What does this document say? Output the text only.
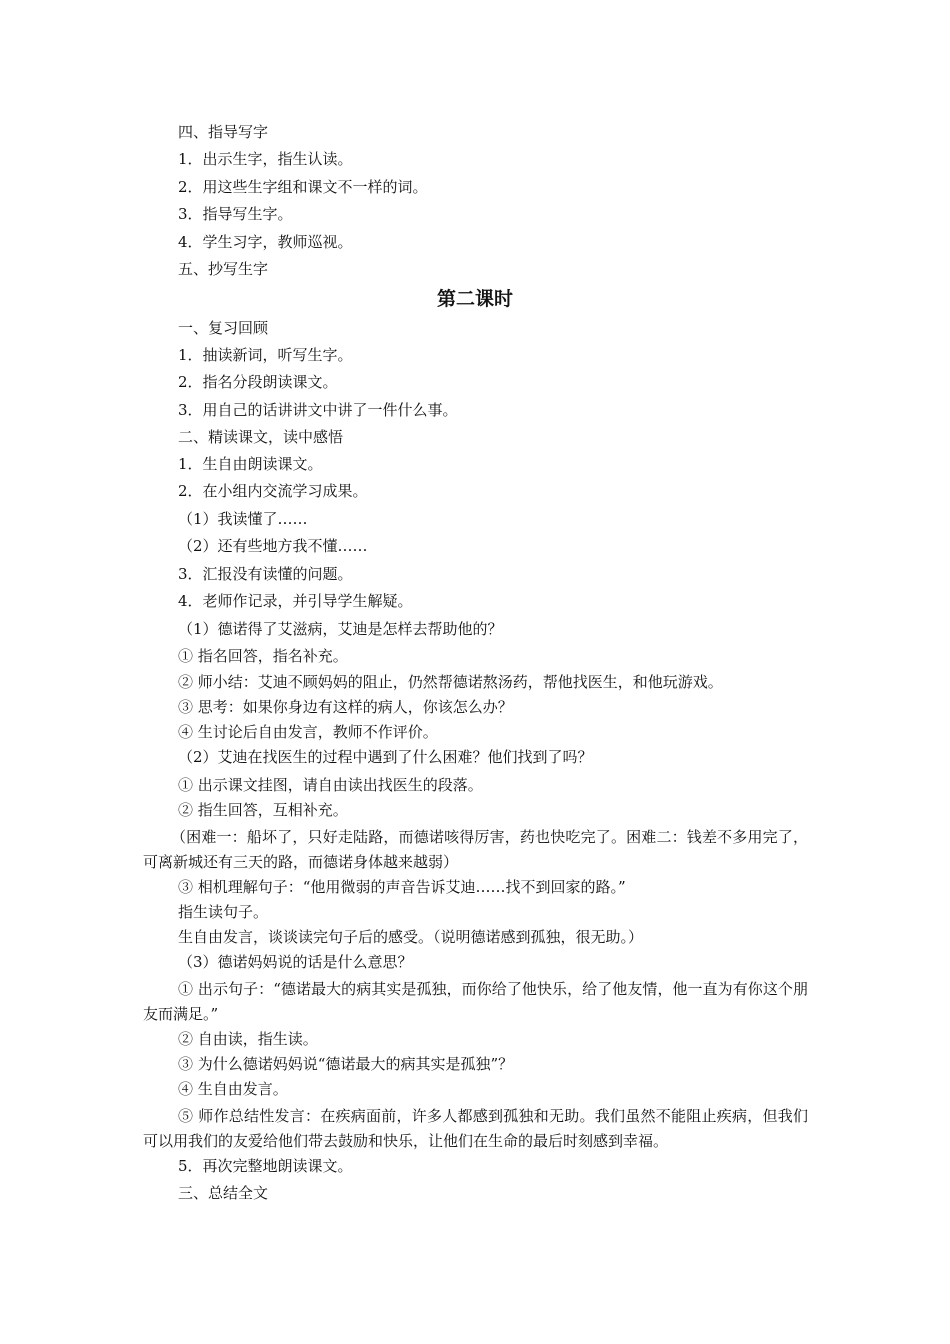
四、指导写字
1．出示生字，指生认读。
2．用这些生字组和课文不一样的词。
3．指导写生字。
4．学生习字，教师巡视。
五、抄写生字
第二课时
一、复习回顾
1．抽读新词，听写生字。
2．指名分段朗读课文。
3．用自己的话讲讲文中讲了一件什么事。
二、精读课文，读中感悟
1．生自由朗读课文。
2．在小组内交流学习成果。
（1）我读懂了……
（2）还有些地方我不懂……
3．汇报没有读懂的问题。
4．老师作记录，并引导学生解疑。
（1）德诺得了艾滋病，艾迪是怎样去帮助他的？
① 指名回答，指名补充。
② 师小结：艾迪不顾妈妈的阻止，仍然帮德诺熬汤药，帮他找医生，和他玩游戏。
③ 思考：如果你身边有这样的病人，你该怎么办？
④ 生讨论后自由发言，教师不作评价。
（2）艾迪在找医生的过程中遇到了什么困难？他们找到了吗？
① 出示课文挂图，请自由读出找医生的段落。
② 指生回答，互相补充。
（困难一：船坏了，只好走陆路，而德诺咳得厉害，药也快吃完了。困难二：钱差不多用完了，可离新城还有三天的路，而德诺身体越来越弱）
③ 相机理解句子：“他用微弱的声音告诉艾迪……找不到回家的路。”
指生读句子。
生自由发言，谈谈读完句子后的感受。（说明德诺感到孤独，很无助。）
（3）德诺妈妈说的话是什么意思？
① 出示句子：“德诺最大的病其实是孤独，而你给了他快乐，给了他友情，他一直为有你这个朋友而满足。”
② 自由读，指生读。
③ 为什么德诺妈妈说“德诺最大的病其实是孤独”？
④ 生自由发言。
⑤ 师作总结性发言：在疾病面前，许多人都感到孤独和无助。我们虽然不能阻止疾病，但我们可以用我们的友爱给他们带去鼓励和快乐，让他们在生命的最后时刻感到幸福。
5．再次完整地朗读课文。
三、总结全文
